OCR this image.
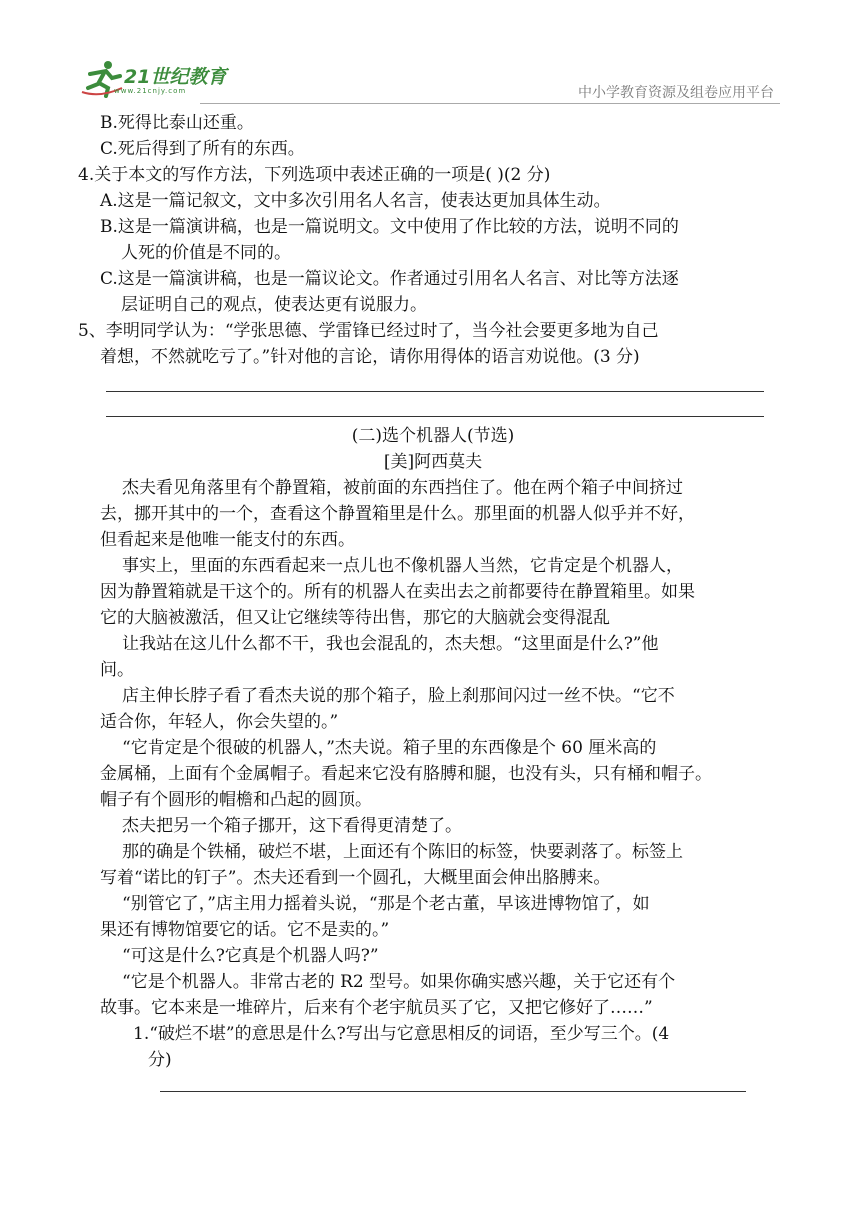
21世纪教育
www.21cnjy.com	中小学教育资源及组卷应用平台
B.死得比泰山还重。
C.死后得到了所有的东西。
4.关于本文的写作方法，下列选项中表述正确的一项是( )(2 分)
A.这是一篇记叙文，文中多次引用名人名言，使表达更加具体生动。
B.这是一篇演讲稿，也是一篇说明文。文中使用了作比较的方法，说明不同的
人死的价值是不同的。
C.这是一篇演讲稿，也是一篇议论文。作者通过引用名人名言、对比等方法逐
层证明自己的观点，使表达更有说服力。
5、李明同学认为：“学张思德、学雷锋已经过时了，当今社会要更多地为自己
着想，不然就吃亏了。”针对他的言论，请你用得体的语言劝说他。(3 分)
(二)选个机器人(节选)
[美]阿西莫夫
杰夫看见角落里有个静置箱，被前面的东西挡住了。他在两个箱子中间挤过
去，挪开其中的一个，查看这个静置箱里是什么。那里面的机器人似乎并不好，
但看起来是他唯一能支付的东西。
事实上，里面的东西看起来一点儿也不像机器人当然，它肯定是个机器人，
因为静置箱就是干这个的。所有的机器人在卖出去之前都要待在静置箱里。如果
它的大脑被激活，但又让它继续等待出售，那它的大脑就会变得混乱
让我站在这儿什么都不干，我也会混乱的，杰夫想。“这里面是什么?”他
问。
店主伸长脖子看了看杰夫说的那个箱子，脸上刹那间闪过一丝不快。“它不
适合你，年轻人，你会失望的。”
“它肯定是个很破的机器人，”杰夫说。箱子里的东西像是个 60 厘米高的
金属桶，上面有个金属帽子。看起来它没有胳膊和腿，也没有头，只有桶和帽子。
帽子有个圆形的帽檐和凸起的圆顶。
杰夫把另一个箱子挪开，这下看得更清楚了。
那的确是个铁桶，破烂不堪，上面还有个陈旧的标签，快要剥落了。标签上
写着“诺比的钉子”。杰夫还看到一个圆孔，大概里面会伸出胳膊来。
“别管它了，”店主用力摇着头说，“那是个老古董，早该进博物馆了，如
果还有博物馆要它的话。它不是卖的。”
“可这是什么?它真是个机器人吗?”
“它是个机器人。非常古老的 R2 型号。如果你确实感兴趣，关于它还有个
故事。它本来是一堆碎片，后来有个老宇航员买了它，又把它修好了……”
1.“破烂不堪”的意思是什么?写出与它意思相反的词语，至少写三个。(4
分)
